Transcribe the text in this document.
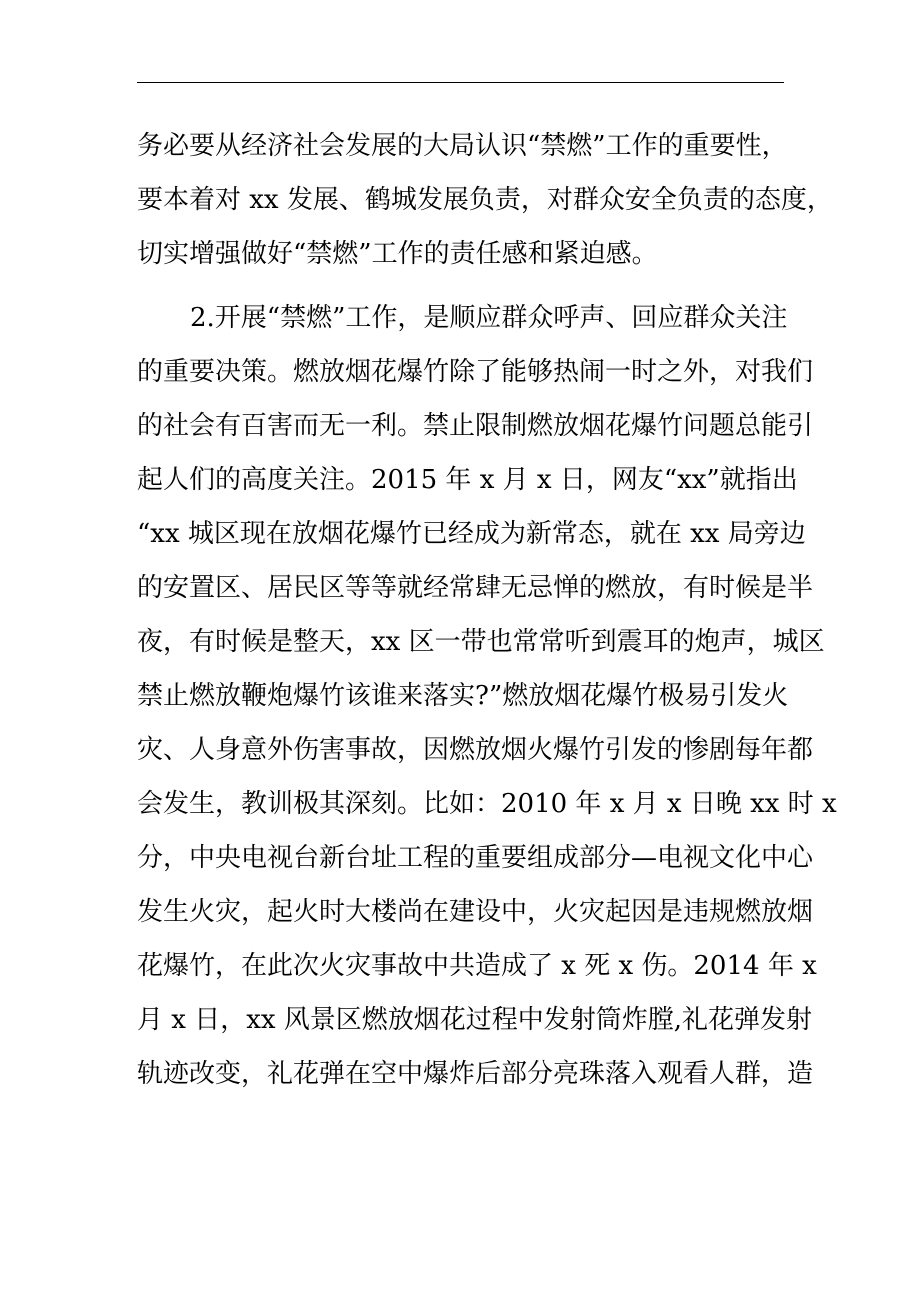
务必要从经济社会发展的大局认识“禁燃”工作的重要性，
要本着对 xx 发展、鹤城发展负责，对群众安全负责的态度，
切实增强做好“禁燃”工作的责任感和紧迫感。
2.开展“禁燃”工作，是顺应群众呼声、回应群众关注
的重要决策。燃放烟花爆竹除了能够热闹一时之外，对我们
的社会有百害而无一利。禁止限制燃放烟花爆竹问题总能引
起人们的高度关注。2015 年 x 月 x 日，网友“xx”就指出
“xx 城区现在放烟花爆竹已经成为新常态，就在 xx 局旁边
的安置区、居民区等等就经常肆无忌惮的燃放，有时候是半
夜，有时候是整天，xx 区一带也常常听到震耳的炮声，城区
禁止燃放鞭炮爆竹该谁来落实?”燃放烟花爆竹极易引发火
灾、人身意外伤害事故，因燃放烟火爆竹引发的惨剧每年都
会发生，教训极其深刻。比如：2010 年 x 月 x 日晚 xx 时 x
分，中央电视台新台址工程的重要组成部分—电视文化中心
发生火灾，起火时大楼尚在建设中，火灾起因是违规燃放烟
花爆竹，在此次火灾事故中共造成了 x 死 x 伤。2014 年 x
月 x 日，xx 风景区燃放烟花过程中发射筒炸膛,礼花弹发射
轨迹改变，礼花弹在空中爆炸后部分亮珠落入观看人群，造
